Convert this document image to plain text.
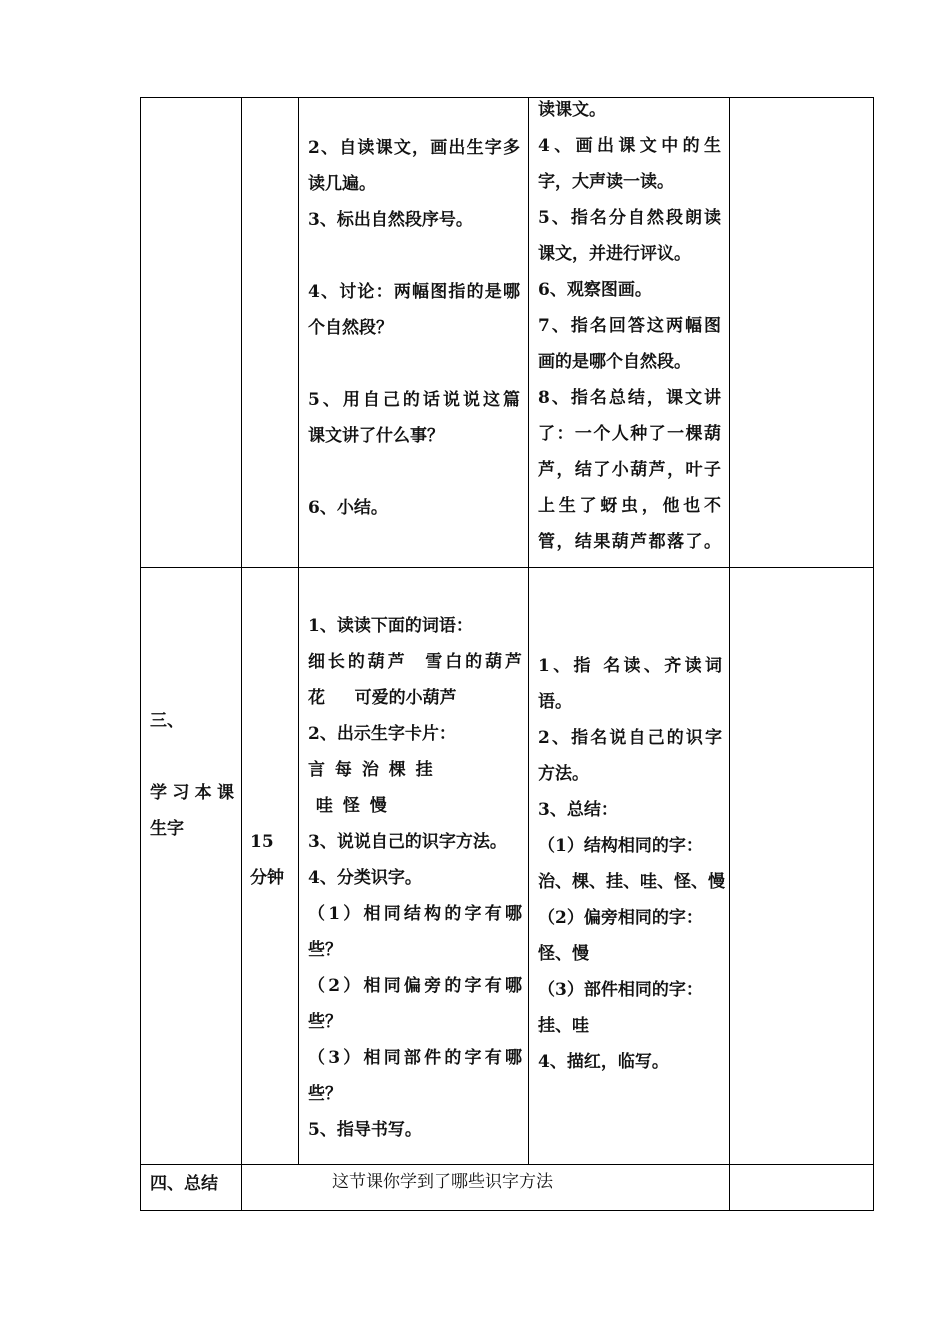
2、自读课文，画出生字多
读几遍。
3、标出自然段序号。
4、讨论：两幅图指的是哪
个自然段？
5、用自己的话说说这篇
课文讲了什么事？
6、小结。
读课文。
4、画出课文中的生
字，大声读一读。
5、指名分自然段朗读
课文，并进行评议。
6、观察图画。
7、指名回答这两幅图
画的是哪个自然段。
8、指名总结，课文讲
了：一个人种了一棵葫
芦，结了小葫芦，叶子
上生了蚜虫，他也不
管，结果葫芦都落了。
三、
学习本课
生字
15
分钟
1、读读下面的词语：
细长的葫芦  雪白的葫芦
花     可爱的小葫芦
2、出示生字卡片：
言 每 治 棵 挂
哇 怪 慢
3、说说自己的识字方法。
4、分类识字。
（1）相同结构的字有哪
些？
（2）相同偏旁的字有哪
些？
（3）相同部件的字有哪
些？
5、指导书写。
1、指 名读、齐读词
语。
2、指名说自己的识字
方法。
3、总结：
（1）结构相同的字：
治、棵、挂、哇、怪、慢
（2）偏旁相同的字：
怪、慢
（3）部件相同的字：
挂、哇
4、描红，临写。
四、总结	这节课你学到了哪些识字方法
